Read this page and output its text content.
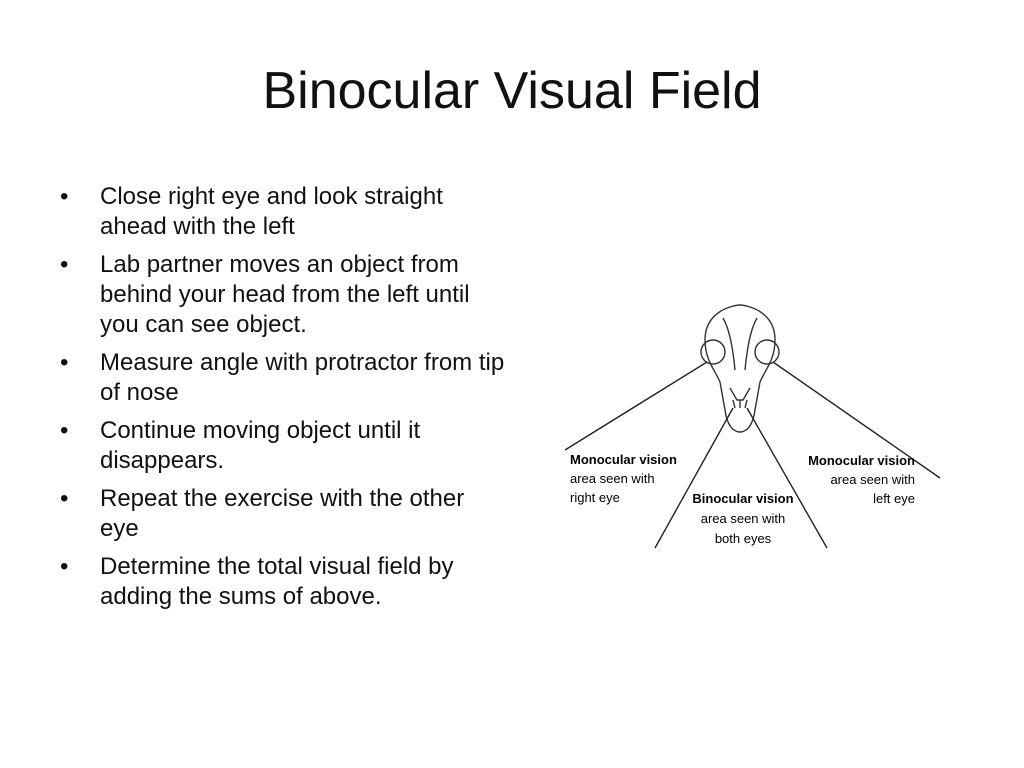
Binocular Visual Field
• Close right eye and look straight ahead with the left
• Lab partner moves an object from behind your head from the left until you can see object.
• Measure angle with protractor from tip of nose
• Continue moving object until it disappears.
• Repeat the exercise with the other eye
• Determine the total visual field by adding the sums of above.
Monocular vision
area seen with
right eye
Monocular vision
area seen with
left eye
Binocular vision
area seen with
both eyes
